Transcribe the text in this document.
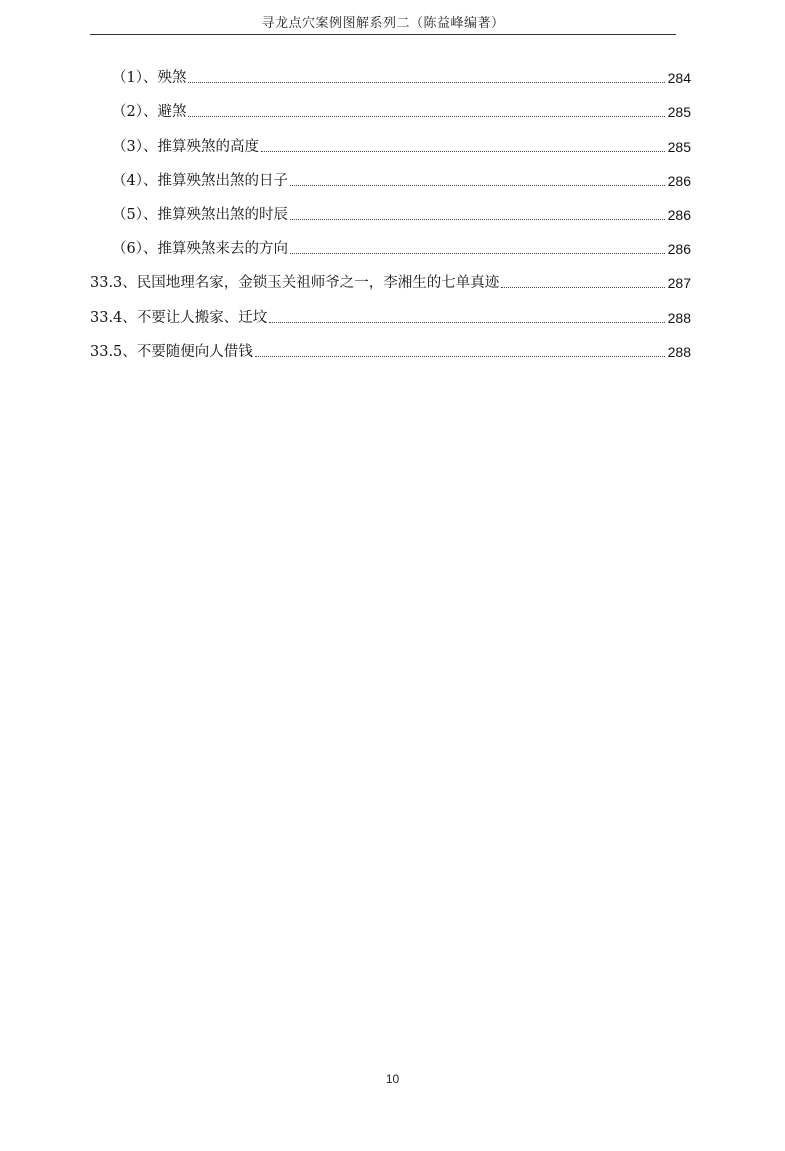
寻龙点穴案例图解系列二（陈益峰编著）
（1）、殃煞	284
（2）、避煞	285
（3）、推算殃煞的高度	285
（4）、推算殃煞出煞的日子	286
（5）、推算殃煞出煞的时辰	286
（6）、推算殃煞来去的方向	286
33.3、民国地理名家，金锁玉关祖师爷之一，李湘生的七单真迹	287
33.4、不要让人搬家、迁坟	288
33.5、不要随便向人借钱	288
10
